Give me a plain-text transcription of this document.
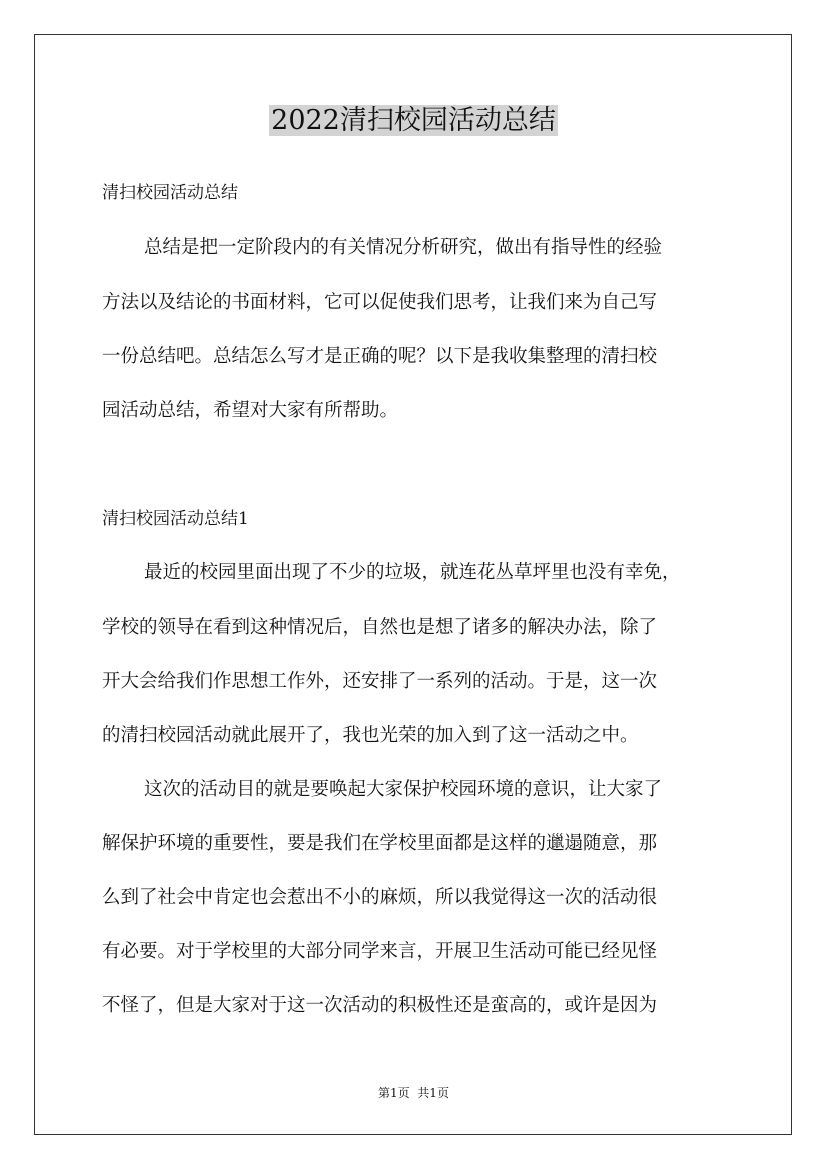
2022清扫校园活动总结
清扫校园活动总结
总结是把一定阶段内的有关情况分析研究，做出有指导性的经验
方法以及结论的书面材料，它可以促使我们思考，让我们来为自己写
一份总结吧。总结怎么写才是正确的呢？以下是我收集整理的清扫校
园活动总结，希望对大家有所帮助。
清扫校园活动总结1
最近的校园里面出现了不少的垃圾，就连花丛草坪里也没有幸免，
学校的领导在看到这种情况后，自然也是想了诸多的解决办法，除了
开大会给我们作思想工作外，还安排了一系列的活动。于是，这一次
的清扫校园活动就此展开了，我也光荣的加入到了这一活动之中。
这次的活动目的就是要唤起大家保护校园环境的意识，让大家了
解保护环境的重要性，要是我们在学校里面都是这样的邋遢随意，那
么到了社会中肯定也会惹出不小的麻烦，所以我觉得这一次的活动很
有必要。对于学校里的大部分同学来言，开展卫生活动可能已经见怪
不怪了，但是大家对于这一次活动的积极性还是蛮高的，或许是因为
第1页  共1页
